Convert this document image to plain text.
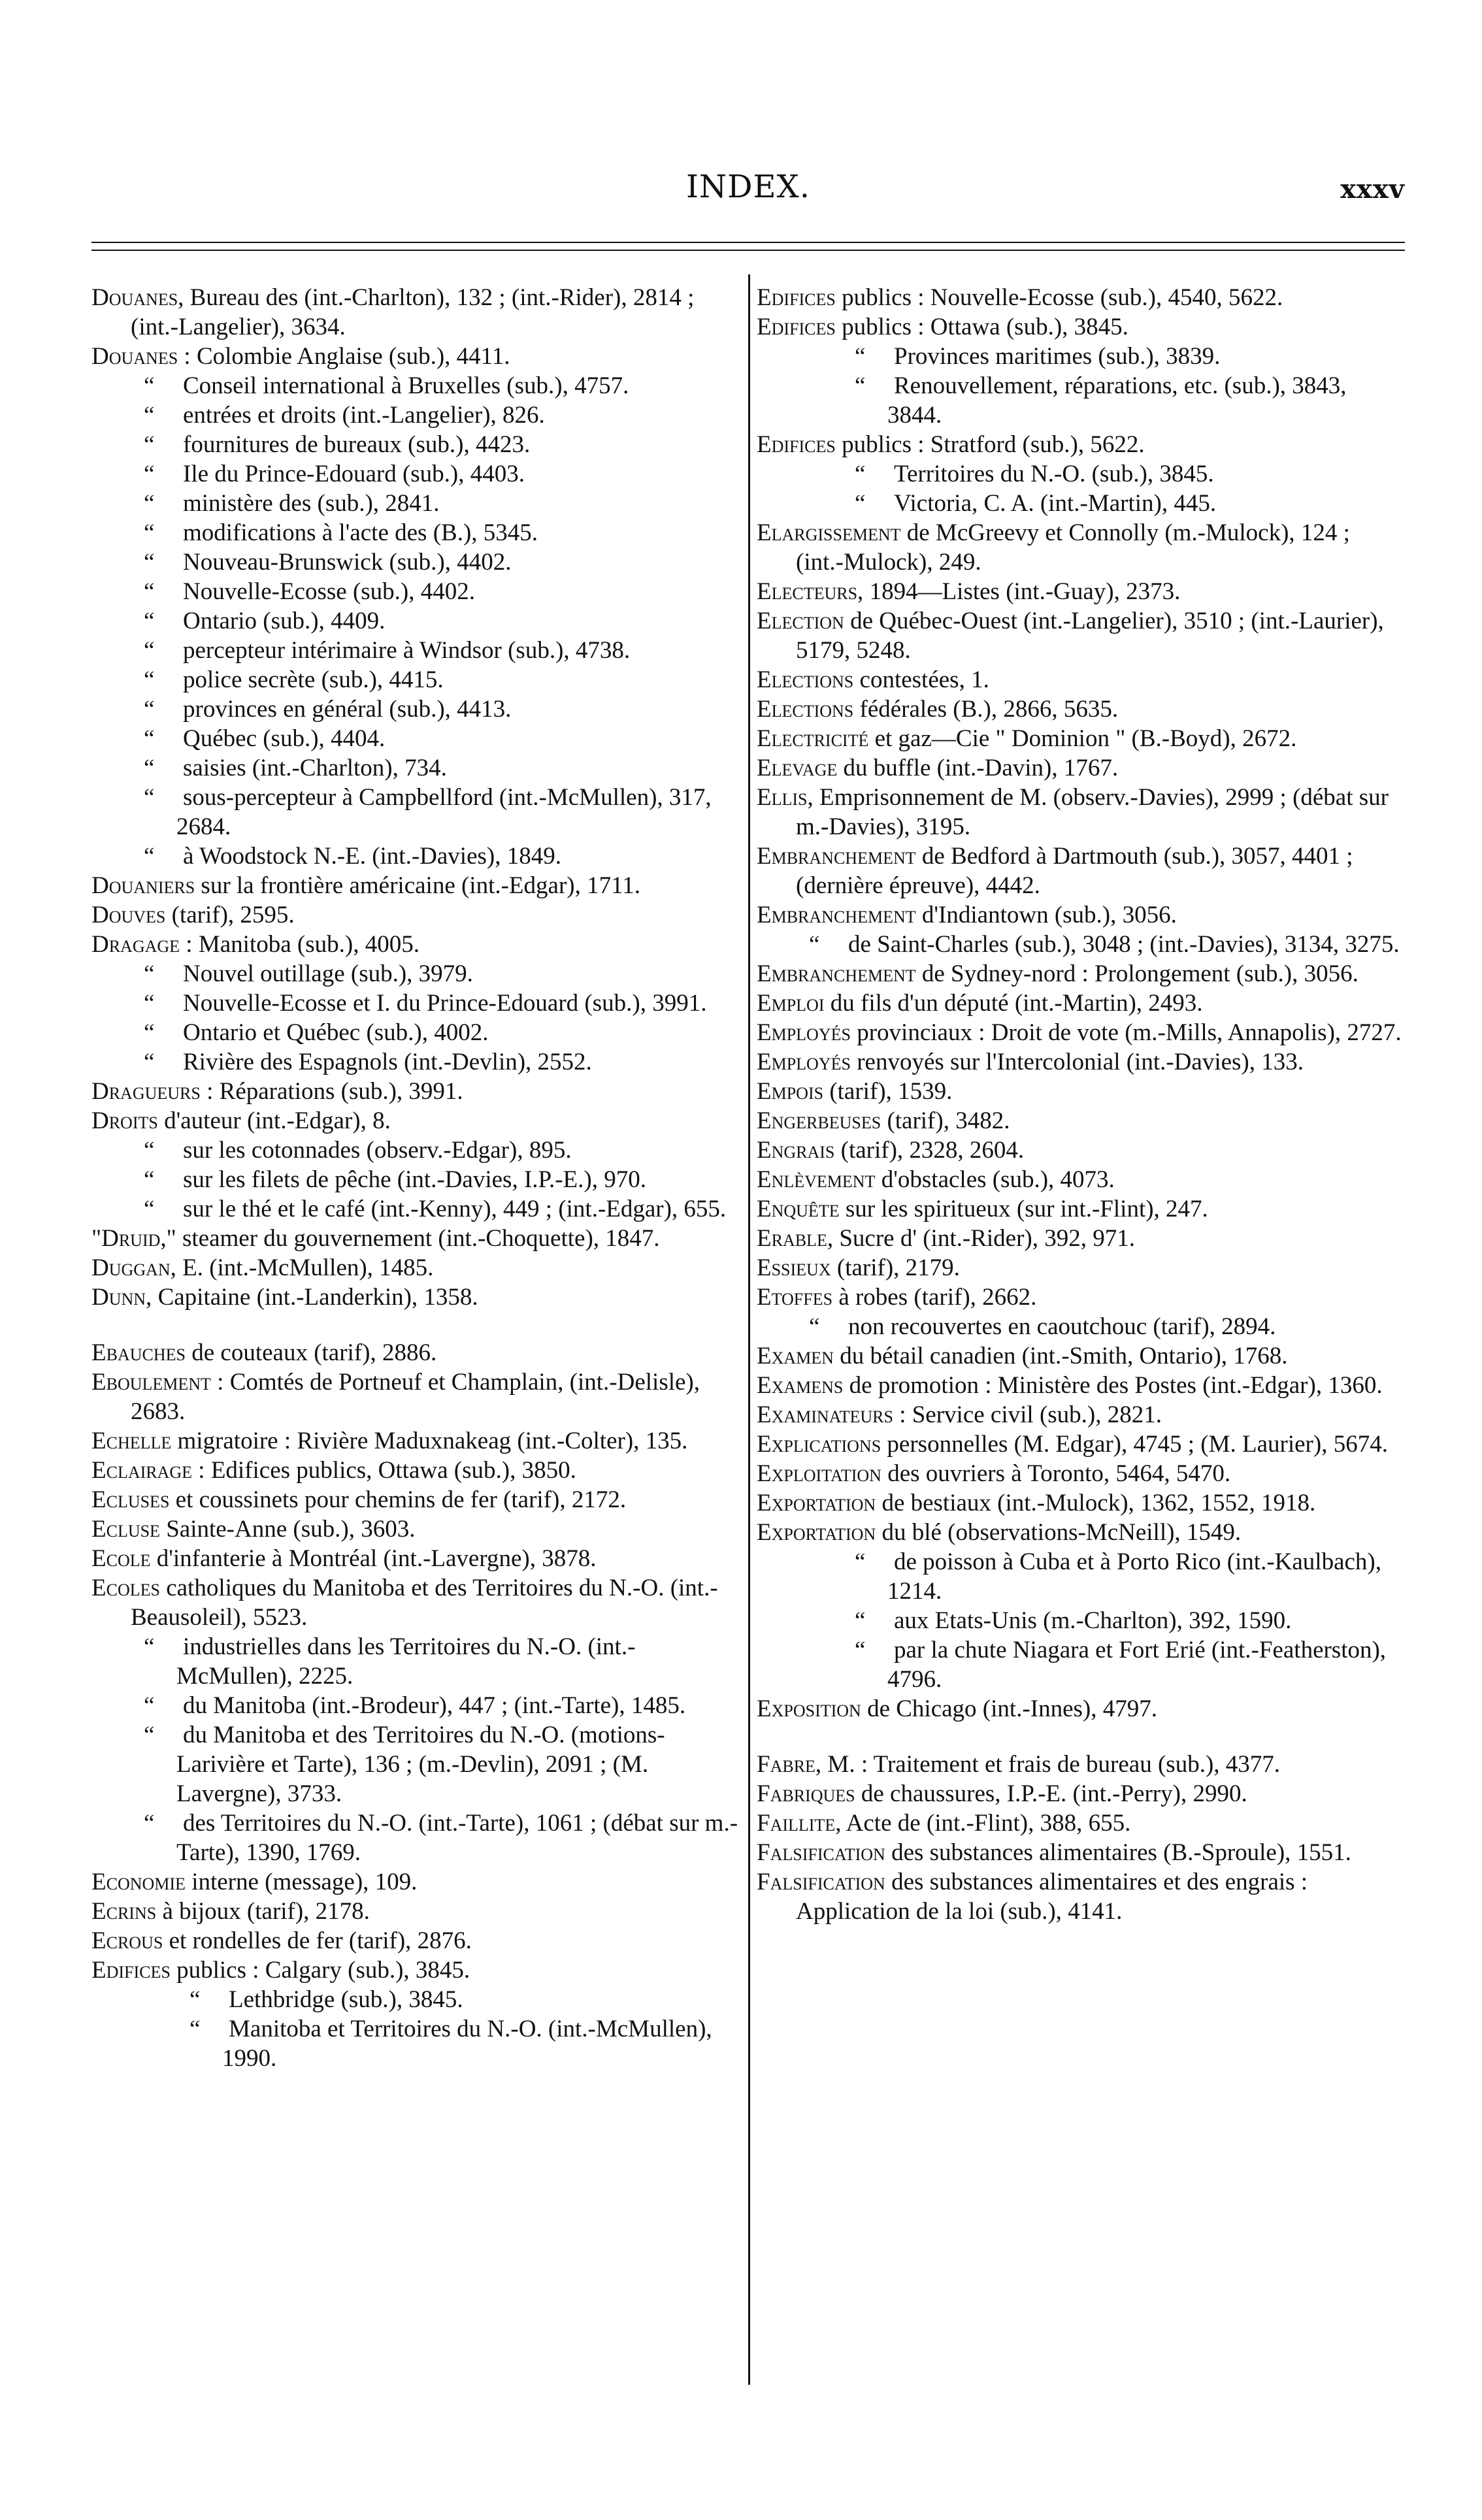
INDEX.	xxxv
Douanes, Bureau des (int.-Charlton), 132 ; (int.-Rider), 2814 ; (int.-Langelier), 3634.
Douanes : Colombie Anglaise (sub.), 4411.
“ Conseil international à Bruxelles (sub.), 4757.
“ entrées et droits (int.-Langelier), 826.
“ fournitures de bureaux (sub.), 4423.
“ Ile du Prince-Edouard (sub.), 4403.
“ ministère des (sub.), 2841.
“ modifications à l'acte des (B.), 5345.
“ Nouveau-Brunswick (sub.), 4402.
“ Nouvelle-Ecosse (sub.), 4402.
“ Ontario (sub.), 4409.
“ percepteur intérimaire à Windsor (sub.), 4738.
“ police secrète (sub.), 4415.
“ provinces en général (sub.), 4413.
“ Québec (sub.), 4404.
“ saisies (int.-Charlton), 734.
“ sous-percepteur à Campbellford (int.-McMullen), 317, 2684.
“ à Woodstock N.-E. (int.-Davies), 1849.
Douaniers sur la frontière américaine (int.-Edgar), 1711.
Douves (tarif), 2595.
Dragage : Manitoba (sub.), 4005.
“ Nouvel outillage (sub.), 3979.
“ Nouvelle-Ecosse et I. du Prince-Edouard (sub.), 3991.
“ Ontario et Québec (sub.), 4002.
“ Rivière des Espagnols (int.-Devlin), 2552.
Dragueurs : Réparations (sub.), 3991.
Droits d'auteur (int.-Edgar), 8.
“ sur les cotonnades (observ.-Edgar), 895.
“ sur les filets de pêche (int.-Davies, I.P.-E.), 970.
“ sur le thé et le café (int.-Kenny), 449 ; (int.-Edgar), 655.
"Druid," steamer du gouvernement (int.-Choquette), 1847.
Duggan, E. (int.-McMullen), 1485.
Dunn, Capitaine (int.-Landerkin), 1358.
Ebauches de couteaux (tarif), 2886.
Eboulement : Comtés de Portneuf et Champlain, (int.-Delisle), 2683.
Echelle migratoire : Rivière Maduxnakeag (int.-Colter), 135.
Eclairage : Edifices publics, Ottawa (sub.), 3850.
Ecluses et coussinets pour chemins de fer (tarif), 2172.
Ecluse Sainte-Anne (sub.), 3603.
Ecole d'infanterie à Montréal (int.-Lavergne), 3878.
Ecoles catholiques du Manitoba et des Territoires du N.-O. (int.-Beausoleil), 5523.
“ industrielles dans les Territoires du N.-O. (int.-McMullen), 2225.
“ du Manitoba (int.-Brodeur), 447 ; (int.-Tarte), 1485.
“ du Manitoba et des Territoires du N.-O. (motions-Larivière et Tarte), 136 ; (m.-Devlin), 2091 ; (M. Lavergne), 3733.
“ des Territoires du N.-O. (int.-Tarte), 1061 ; (débat sur m.-Tarte), 1390, 1769.
Economie interne (message), 109.
Ecrins à bijoux (tarif), 2178.
Ecrous et rondelles de fer (tarif), 2876.
Edifices publics : Calgary (sub.), 3845.
“ Lethbridge (sub.), 3845.
“ Manitoba et Territoires du N.-O. (int.-McMullen), 1990.
Edifices publics : Nouvelle-Ecosse (sub.), 4540, 5622.
Edifices publics : Ottawa (sub.), 3845.
“ Provinces maritimes (sub.), 3839.
“ Renouvellement, réparations, etc. (sub.), 3843, 3844.
Edifices publics : Stratford (sub.), 5622.
“ Territoires du N.-O. (sub.), 3845.
“ Victoria, C. A. (int.-Martin), 445.
Elargissement de McGreevy et Connolly (m.-Mulock), 124 ; (int.-Mulock), 249.
Electeurs, 1894—Listes (int.-Guay), 2373.
Election de Québec-Ouest (int.-Langelier), 3510 ; (int.-Laurier), 5179, 5248.
Elections contestées, 1.
Elections fédérales (B.), 2866, 5635.
Electricité et gaz—Cie " Dominion " (B.-Boyd), 2672.
Elevage du buffle (int.-Davin), 1767.
Ellis, Emprisonnement de M. (observ.-Davies), 2999 ; (débat sur m.-Davies), 3195.
Embranchement de Bedford à Dartmouth (sub.), 3057, 4401 ; (dernière épreuve), 4442.
Embranchement d'Indiantown (sub.), 3056.
“ de Saint-Charles (sub.), 3048 ; (int.-Davies), 3134, 3275.
Embranchement de Sydney-nord : Prolongement (sub.), 3056.
Emploi du fils d'un député (int.-Martin), 2493.
Employés provinciaux : Droit de vote (m.-Mills, Annapolis), 2727.
Employés renvoyés sur l'Intercolonial (int.-Davies), 133.
Empois (tarif), 1539.
Engerbeuses (tarif), 3482.
Engrais (tarif), 2328, 2604.
Enlèvement d'obstacles (sub.), 4073.
Enquête sur les spiritueux (sur int.-Flint), 247.
Erable, Sucre d' (int.-Rider), 392, 971.
Essieux (tarif), 2179.
Etoffes à robes (tarif), 2662.
“ non recouvertes en caoutchouc (tarif), 2894.
Examen du bétail canadien (int.-Smith, Ontario), 1768.
Examens de promotion : Ministère des Postes (int.-Edgar), 1360.
Examinateurs : Service civil (sub.), 2821.
Explications personnelles (M. Edgar), 4745 ; (M. Laurier), 5674.
Exploitation des ouvriers à Toronto, 5464, 5470.
Exportation de bestiaux (int.-Mulock), 1362, 1552, 1918.
Exportation du blé (observations-McNeill), 1549.
“ de poisson à Cuba et à Porto Rico (int.-Kaulbach), 1214.
“ aux Etats-Unis (m.-Charlton), 392, 1590.
“ par la chute Niagara et Fort Erié (int.-Featherston), 4796.
Exposition de Chicago (int.-Innes), 4797.
Fabre, M. : Traitement et frais de bureau (sub.), 4377.
Fabriques de chaussures, I.P.-E. (int.-Perry), 2990.
Faillite, Acte de (int.-Flint), 388, 655.
Falsification des substances alimentaires (B.-Sproule), 1551.
Falsification des substances alimentaires et des engrais : Application de la loi (sub.), 4141.
